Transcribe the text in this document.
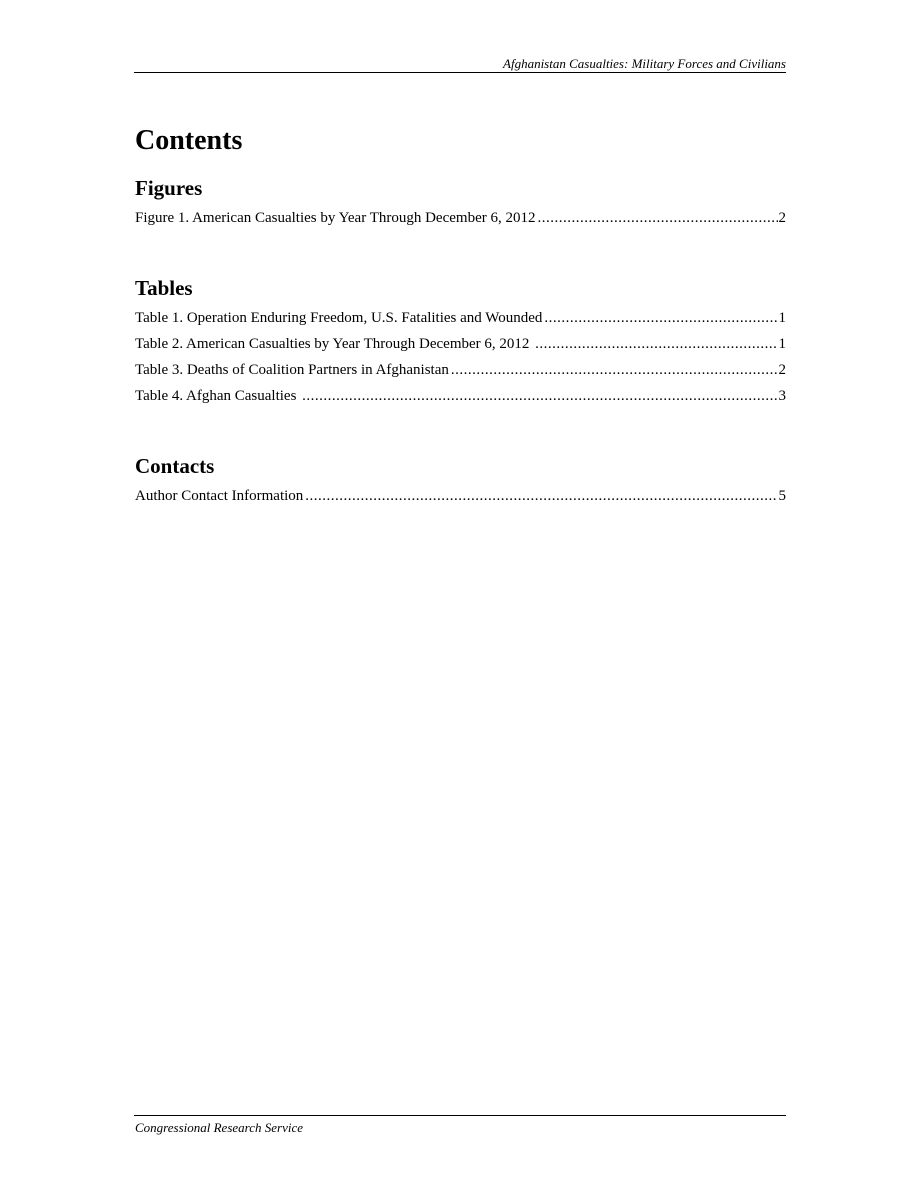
Afghanistan Casualties: Military Forces and Civilians
Contents
Figures
Figure 1. American Casualties by Year Through December 6, 2012 .....	2
Tables
Table 1. Operation Enduring Freedom, U.S. Fatalities and Wounded .....	1
Table 2. American Casualties by Year Through December 6, 2012 .....	1
Table 3. Deaths of Coalition Partners in Afghanistan .....	2
Table 4. Afghan Casualties .....	3
Contacts
Author Contact Information .....	5
Congressional Research Service
